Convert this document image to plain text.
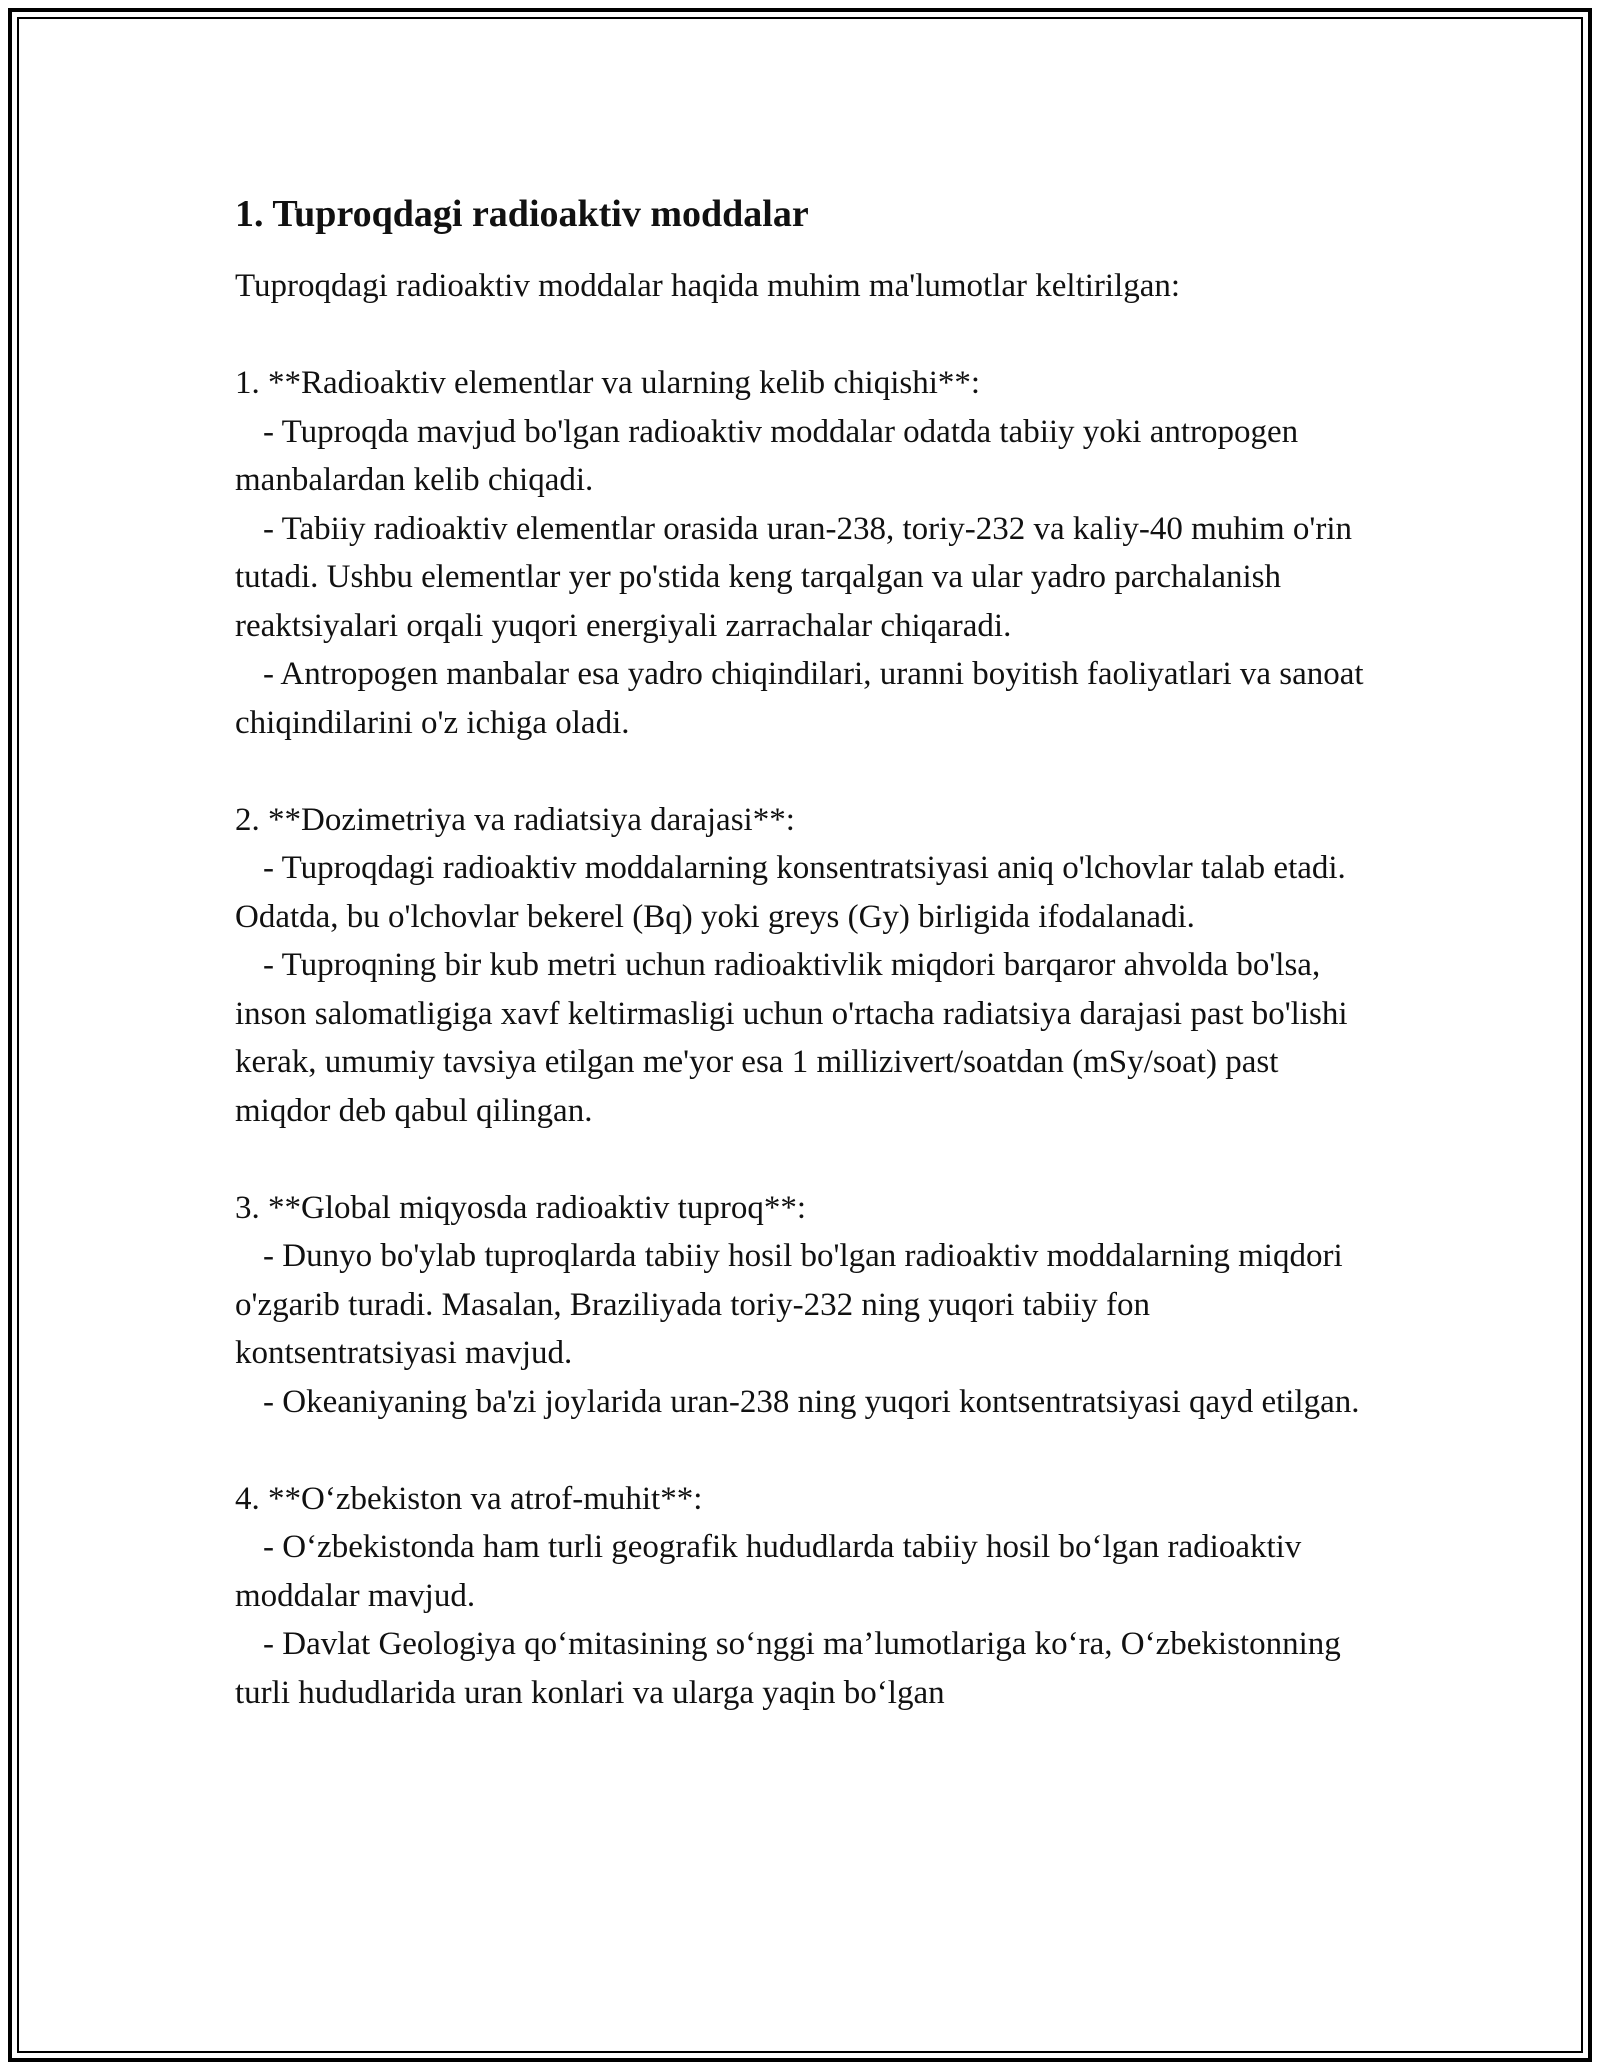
1. Tuproqdagi radioaktiv moddalar

Tuproqdagi radioaktiv moddalar haqida muhim ma'lumotlar keltirilgan:

1. **Radioaktiv elementlar va ularning kelib chiqishi**:

- Tuproqda mavjud bo'lgan radioaktiv moddalar odatda tabiiy yoki antropogen manbalardan kelib chiqadi.

- Tabiiy radioaktiv elementlar orasida uran-238, toriy-232 va kaliy-40 muhim o'rin tutadi. Ushbu elementlar yer po'stida keng tarqalgan va ular yadro parchalanish reaktsiyalari orqali yuqori energiyali zarrachalar chiqaradi.

- Antropogen manbalar esa yadro chiqindilari, uranni boyitish faoliyatlari va sanoat chiqindilarini o'z ichiga oladi.

2. **Dozimetriya va radiatsiya darajasi**:

- Tuproqdagi radioaktiv moddalarning konsentratsiyasi aniq o'lchovlar talab etadi. Odatda, bu o'lchovlar bekerel (Bq) yoki greys (Gy) birligida ifodalanadi.

- Tuproqning bir kub metri uchun radioaktivlik miqdori barqaror ahvolda bo'lsa, inson salomatligiga xavf keltirmasligi uchun o'rtacha radiatsiya darajasi past bo'lishi kerak, umumiy tavsiya etilgan me'yor esa 1 millizivert/soatdan (mSy/soat) past miqdor deb qabul qilingan.

3. **Global miqyosda radioaktiv tuproq**:

- Dunyo bo'ylab tuproqlarda tabiiy hosil bo'lgan radioaktiv moddalarning miqdori o'zgarib turadi. Masalan, Braziliyada toriy-232 ning yuqori tabiiy fon kontsentratsiyasi mavjud.

- Okeaniyaning ba'zi joylarida uran-238 ning yuqori kontsentratsiyasi qayd etilgan.

4. **O‘zbekiston va atrof-muhit**:

- O‘zbekistonda ham turli geografik hududlarda tabiiy hosil bo‘lgan radioaktiv moddalar mavjud.

- Davlat Geologiya qo‘mitasining so‘nggi ma’lumotlariga ko‘ra, O‘zbekistonning turli hududlarida uran konlari va ularga yaqin bo‘lgan
